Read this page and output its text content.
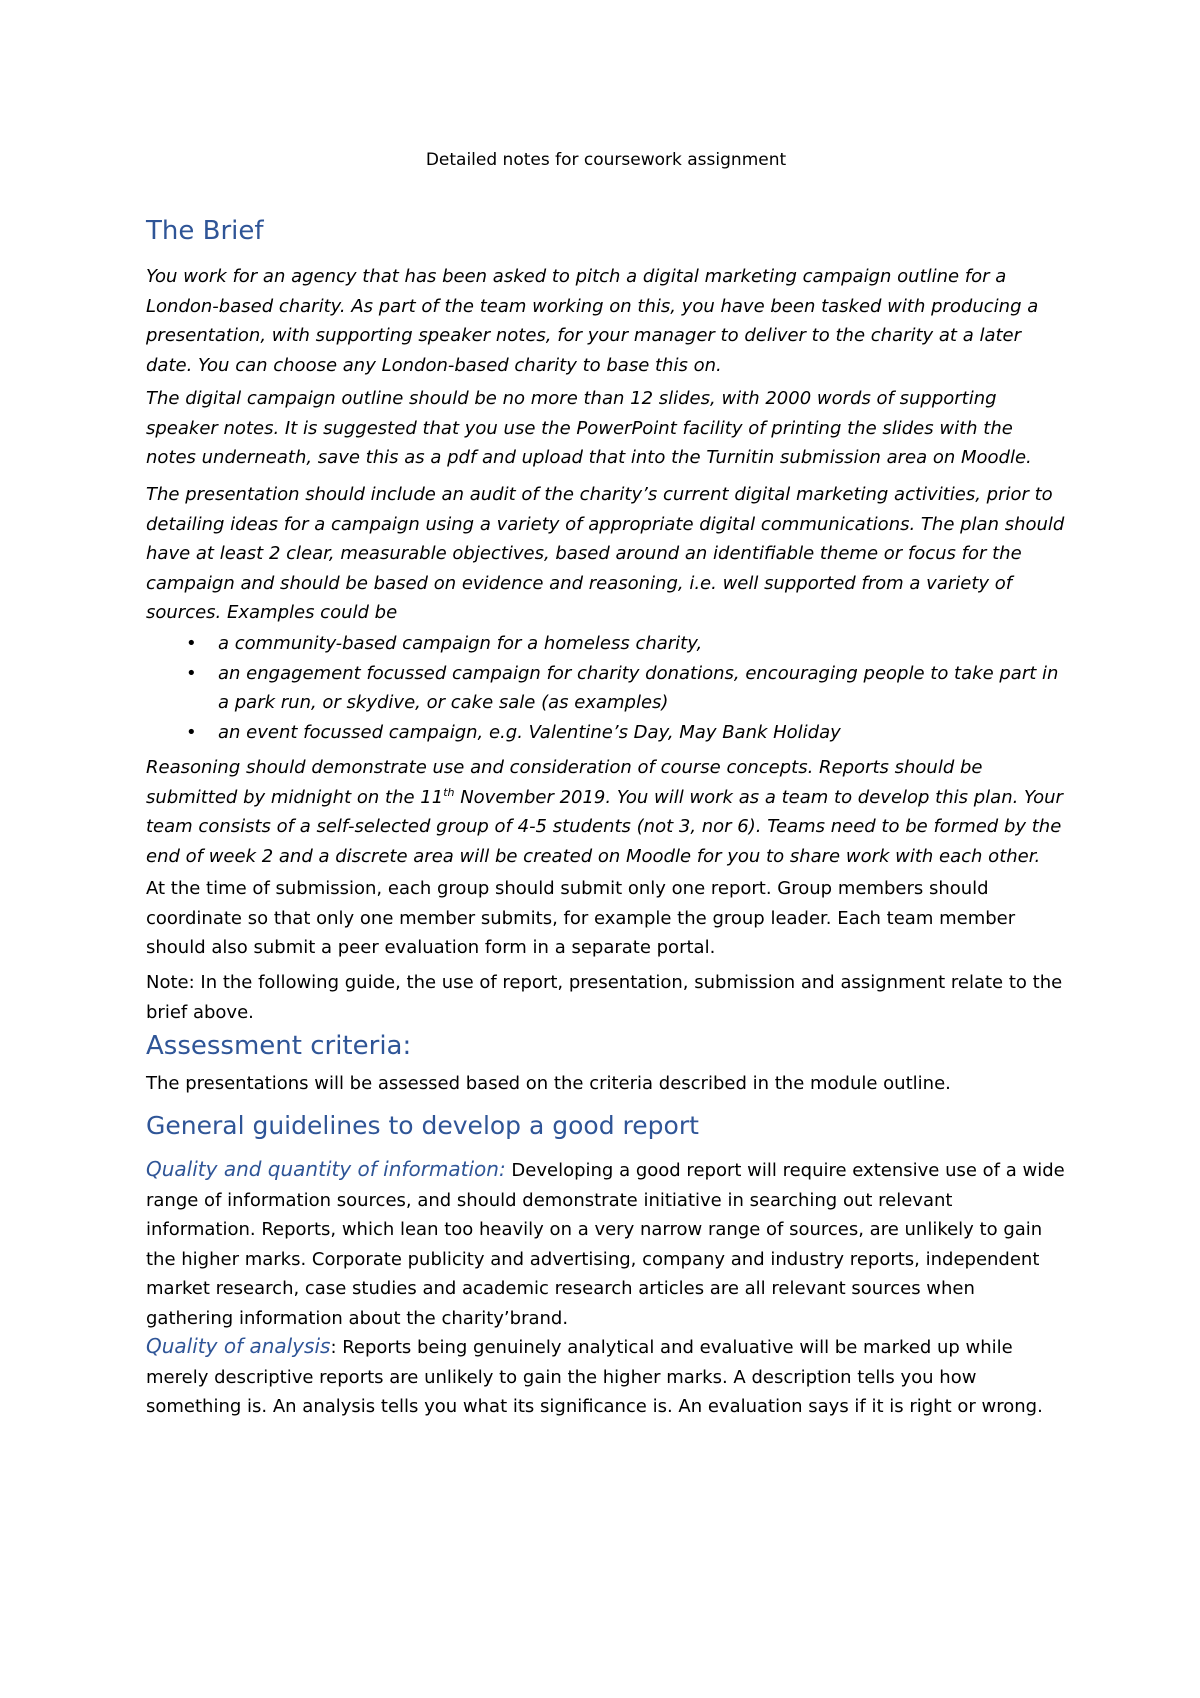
Detailed notes for coursework assignment
The Brief

You work for an agency that has been asked to pitch a digital marketing campaign outline for a London-based charity. As part of the team working on this, you have been tasked with producing a presentation, with supporting speaker notes, for your manager to deliver to the charity at a later date. You can choose any London-based charity to base this on.

The digital campaign outline should be no more than 12 slides, with 2000 words of supporting speaker notes. It is suggested that you use the PowerPoint facility of printing the slides with the notes underneath, save this as a pdf and upload that into the Turnitin submission area on Moodle.

The presentation should include an audit of the charity’s current digital marketing activities, prior to detailing ideas for a campaign using a variety of appropriate digital communications. The plan should have at least 2 clear, measurable objectives, based around an identifiable theme or focus for the campaign and should be based on evidence and reasoning, i.e. well supported from a variety of sources. Examples could be

• a community-based campaign for a homeless charity,
• an engagement focussed campaign for charity donations, encouraging people to take part in a park run, or skydive, or cake sale (as examples)
• an event focussed campaign, e.g. Valentine’s Day, May Bank Holiday

Reasoning should demonstrate use and consideration of course concepts. Reports should be submitted by midnight on the 11th November 2019. You will work as a team to develop this plan. Your team consists of a self-selected group of 4-5 students (not 3, nor 6). Teams need to be formed by the end of week 2 and a discrete area will be created on Moodle for you to share work with each other.

At the time of submission, each group should submit only one report. Group members should coordinate so that only one member submits, for example the group leader. Each team member should also submit a peer evaluation form in a separate portal.

Note: In the following guide, the use of report, presentation, submission and assignment relate to the brief above.

Assessment criteria:

The presentations will be assessed based on the criteria described in the module outline.

General guidelines to develop a good report

Quality and quantity of information: Developing a good report will require extensive use of a wide range of information sources, and should demonstrate initiative in searching out relevant information. Reports, which lean too heavily on a very narrow range of sources, are unlikely to gain the higher marks. Corporate publicity and advertising, company and industry reports, independent market research, case studies and academic research articles are all relevant sources when gathering information about the charity’brand.

Quality of analysis: Reports being genuinely analytical and evaluative will be marked up while merely descriptive reports are unlikely to gain the higher marks. A description tells you how something is. An analysis tells you what its significance is. An evaluation says if it is right or wrong.
